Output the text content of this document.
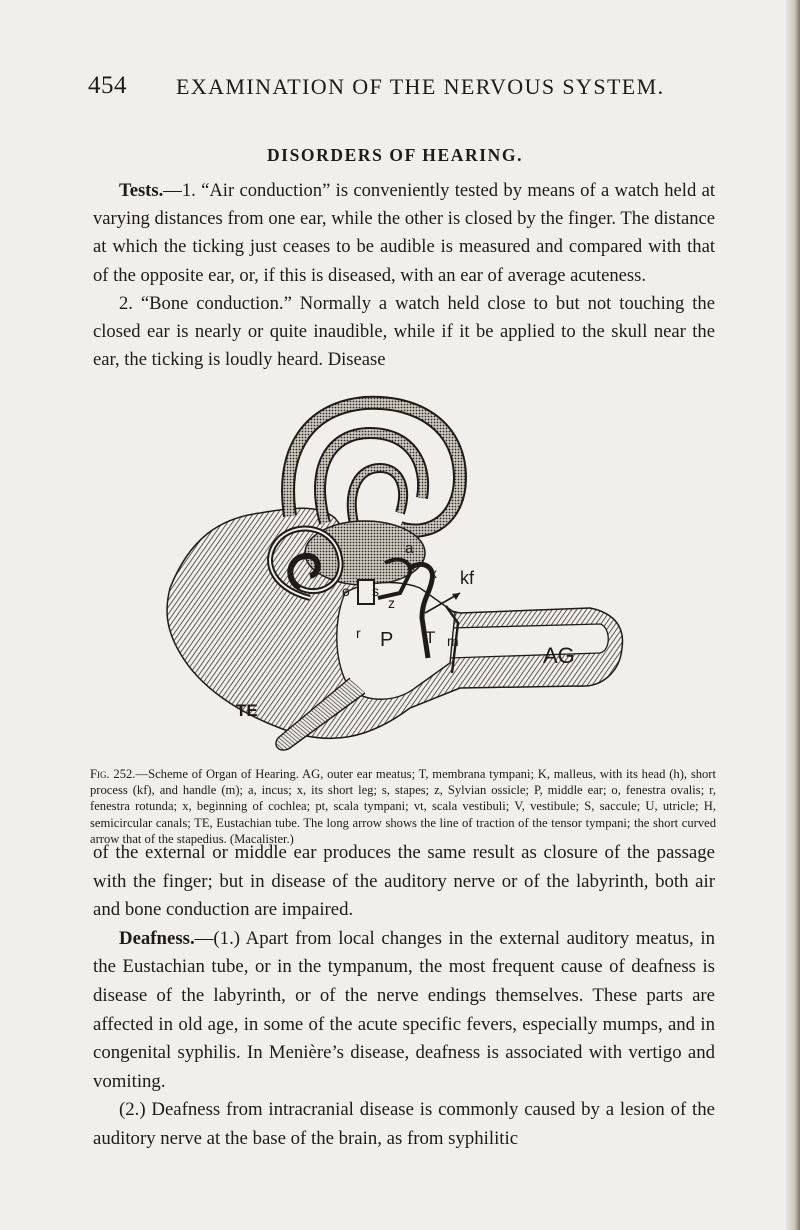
454 EXAMINATION OF THE NERVOUS SYSTEM.
DISORDERS OF HEARING.

Tests.—1. “Air conduction” is conveniently tested by means of a watch held at varying distances from one ear, while the other is closed by the finger. The distance at which the ticking just ceases to be audible is measured and compared with that of the opposite ear, or, if this is diseased, with an ear of average acuteness.
2. “Bone conduction.” Normally a watch held close to but not touching the closed ear is nearly or quite inaudible, while if it be applied to the skull near the ear, the ticking is loudly heard. Disease

AG
TE
T m
kf
P
r
o s
z
a
x

Fig. 252.—Scheme of Organ of Hearing. AG, outer ear meatus; T, membrana tympani; K, malleus, with its head (h), short process (kf), and handle (m); a, incus; x, its short leg; s, stapes; z, Sylvian ossicle; P, middle ear; o, fenestra ovalis; r, fenestra rotunda; x, beginning of cochlea; pt, scala tympani; vt, scala vestibuli; V, vestibule; S, saccule; U, utricle; H, semicircular canals; TE, Eustachian tube. The long arrow shows the line of traction of the tensor tympani; the short curved arrow that of the stapedius. (Macalister.)

of the external or middle ear produces the same result as closure of the passage with the finger; but in disease of the auditory nerve or of the labyrinth, both air and bone conduction are impaired.
Deafness.—(1.) Apart from local changes in the external auditory meatus, in the Eustachian tube, or in the tympanum, the most frequent cause of deafness is disease of the labyrinth, or of the nerve endings themselves. These parts are affected in old age, in some of the acute specific fevers, especially mumps, and in congenital syphilis. In Menière’s disease, deafness is associated with vertigo and vomiting.
(2.) Deafness from intracranial disease is commonly caused by a lesion of the auditory nerve at the base of the brain, as from syphilitic
